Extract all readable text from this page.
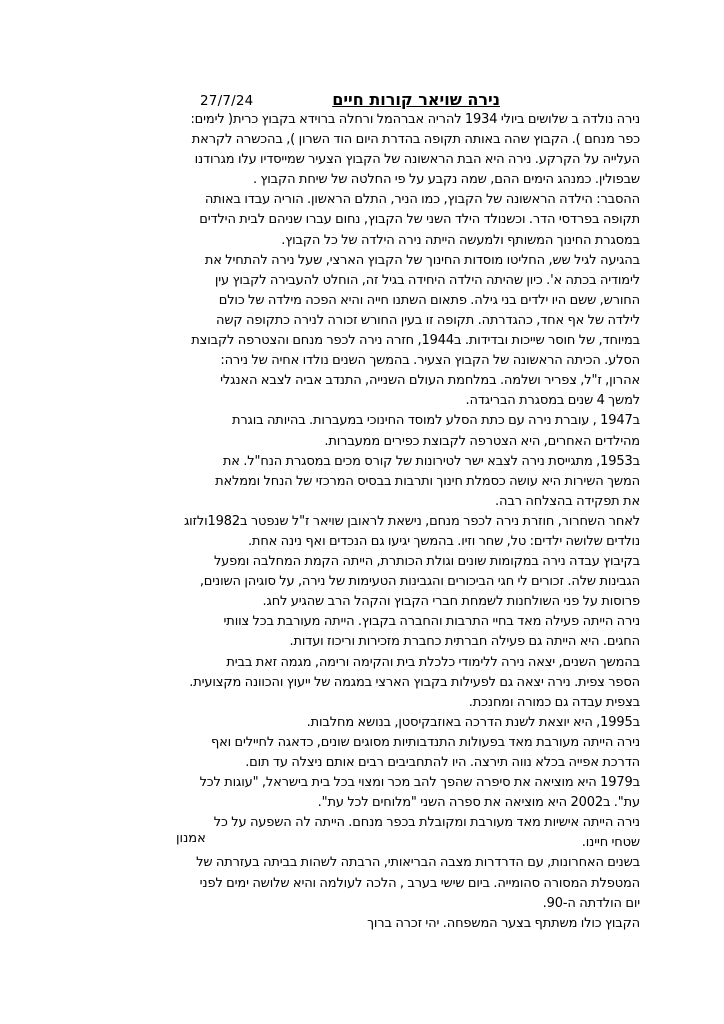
27/7/24	נירה שויאר קורות חיים

נירה נולדה ב שלושים ביולי 1934 להריה אברהמל ורחלה ברוידא בקבוץ כרית( לימים:
כפר מנחם ). הקבוץ שהה באותה תקופה בהדרת היום הוד השרון ), בהכשרה לקראת
העלייה על הקרקע. נירה היא הבת הראשונה של הקבוץ הצעיר שמייסדיו עלו מגרודנו
שבפולין. כמנהג הימים ההם, שמה נקבע על פי החלטה של שיחת הקבוץ .

ההסבר: הילדה הראשונה של הקבוץ, כמו הניר, התלם הראשון. הוריה עבדו באותה
תקופה בפרדסי הדר. וכשנולד הילד השני של הקבוץ, נחום עברו שניהם לבית הילדים
במסגרת החינוך המשותף ולמעשה הייתה נירה הילדה של כל הקבוץ.

בהגיעה לגיל שש, החליטו מוסדות החינוך של הקבוץ הארצי, שעל נירה להתחיל את
לימודיה בכתה א'. כיון שהיתה הילדה היחידה בגיל זה, הוחלט להעבירה לקבוץ עין
החורש, ששם היו ילדים בני גילה. פתאום השתנו חייה והיא הפכה מילדה של כולם
לילדה של אף אחד, כהגדרתה. תקופה זו בעין החורש זכורה לנירה כתקופה קשה
במיוחד, של חוסר שייכות ובדידות. ב1944, חזרה נירה לכפר מנחם והצטרפה לקבוצת
הסלע. הכיתה הראשונה של הקבוץ הצעיר. בהמשך השנים נולדו אחיה של נירה:
אהרון, ז"ל, צפריר ושלמה. במלחמת העולם השנייה, התנדב אביה לצבא האנגלי
למשך 4 שנים במסגרת הבריגדה.

ב1947 , עוברת נירה עם כתת הסלע למוסד החינוכי במעברות. בהיותה בוגרת
מהילדים האחרים, היא הצטרפה לקבוצת כפירים ממעברות.

ב1953, מתגייסת נירה לצבא ישר לטירונות של קורס מכים במסגרת הנח"ל. את
המשך השירות היא עושה כסמלת חינוך ותרבות בבסיס המרכזי של הנחל וממלאת
את תפקידה בהצלחה רבה.

לאחר השחרור, חוזרת נירה לכפר מנחם, נישאת לראובן שויאר ז"ל שנפטר ב1982ולזוג
נולדים שלושה ילדים: טל, שחר וזיו. בהמשך יגיעו גם הנכדים ואף נינה אחת.

בקיבוץ עבדה נירה במקומות שונים וגולת הכותרת, הייתה הקמת המחלבה ומפעל
הגבינות שלה. זכורים לי חגי הביכורים והגבינות הטעימות של נירה, על סוגיהן השונים,
פרוסות על פני השולחנות לשמחת חברי הקבוץ והקהל הרב שהגיע לחג.

נירה הייתה פעילה מאד בחיי התרבות והחברה בקבוץ. הייתה מעורבת בכל צוותי
החגים. היא הייתה גם פעילה חברתית כחברת מזכירות וריכוז ועדות.

בהמשך השנים, יצאה נירה ללימודי כלכלת בית והקימה ורימה, מגמה זאת בבית
הספר צפית. נירה יצאה גם לפעילות בקבוץ הארצי במגמה של ייעוץ והכוונה מקצועית.
בצפית עבדה גם כמורה ומחנכת.

ב1995, היא יוצאת לשנת הדרכה באוזבקיסטן, בנושא מחלבות.

נירה הייתה מעורבת מאד בפעולות התנדבותיות מסוגים שונים, כדאגה לחיילים ואף
הדרכת אפייה בכלא נווה תירצה. היו להתחביבים רבים אותם ניצלה עד תום.

ב1979 היא מוציאה את סיפרה שהפך להב מכר ומצוי בכל בית בישראל, "עוגות לכל
עת". ב2002 היא מוציאה את ספרה השני "מלוחים לכל עת".

נירה הייתה אישיות מאד מעורבת ומקובלת בכפר מנחם. הייתה לה השפעה על כל
שטחי חיינו.

בשנים האחרונות, עם הדרדרות מצבה הבריאותי, הרבתה לשהות בביתה בעזרתה של
המטפלת המסורה סהומייה. ביום שישי בערב , הלכה לעולמה והיא שלושה ימים לפני
יום הולדתה ה-90.

הקבוץ כולו משתתף בצער המשפחה. יהי זכרה ברוך

אמנון
